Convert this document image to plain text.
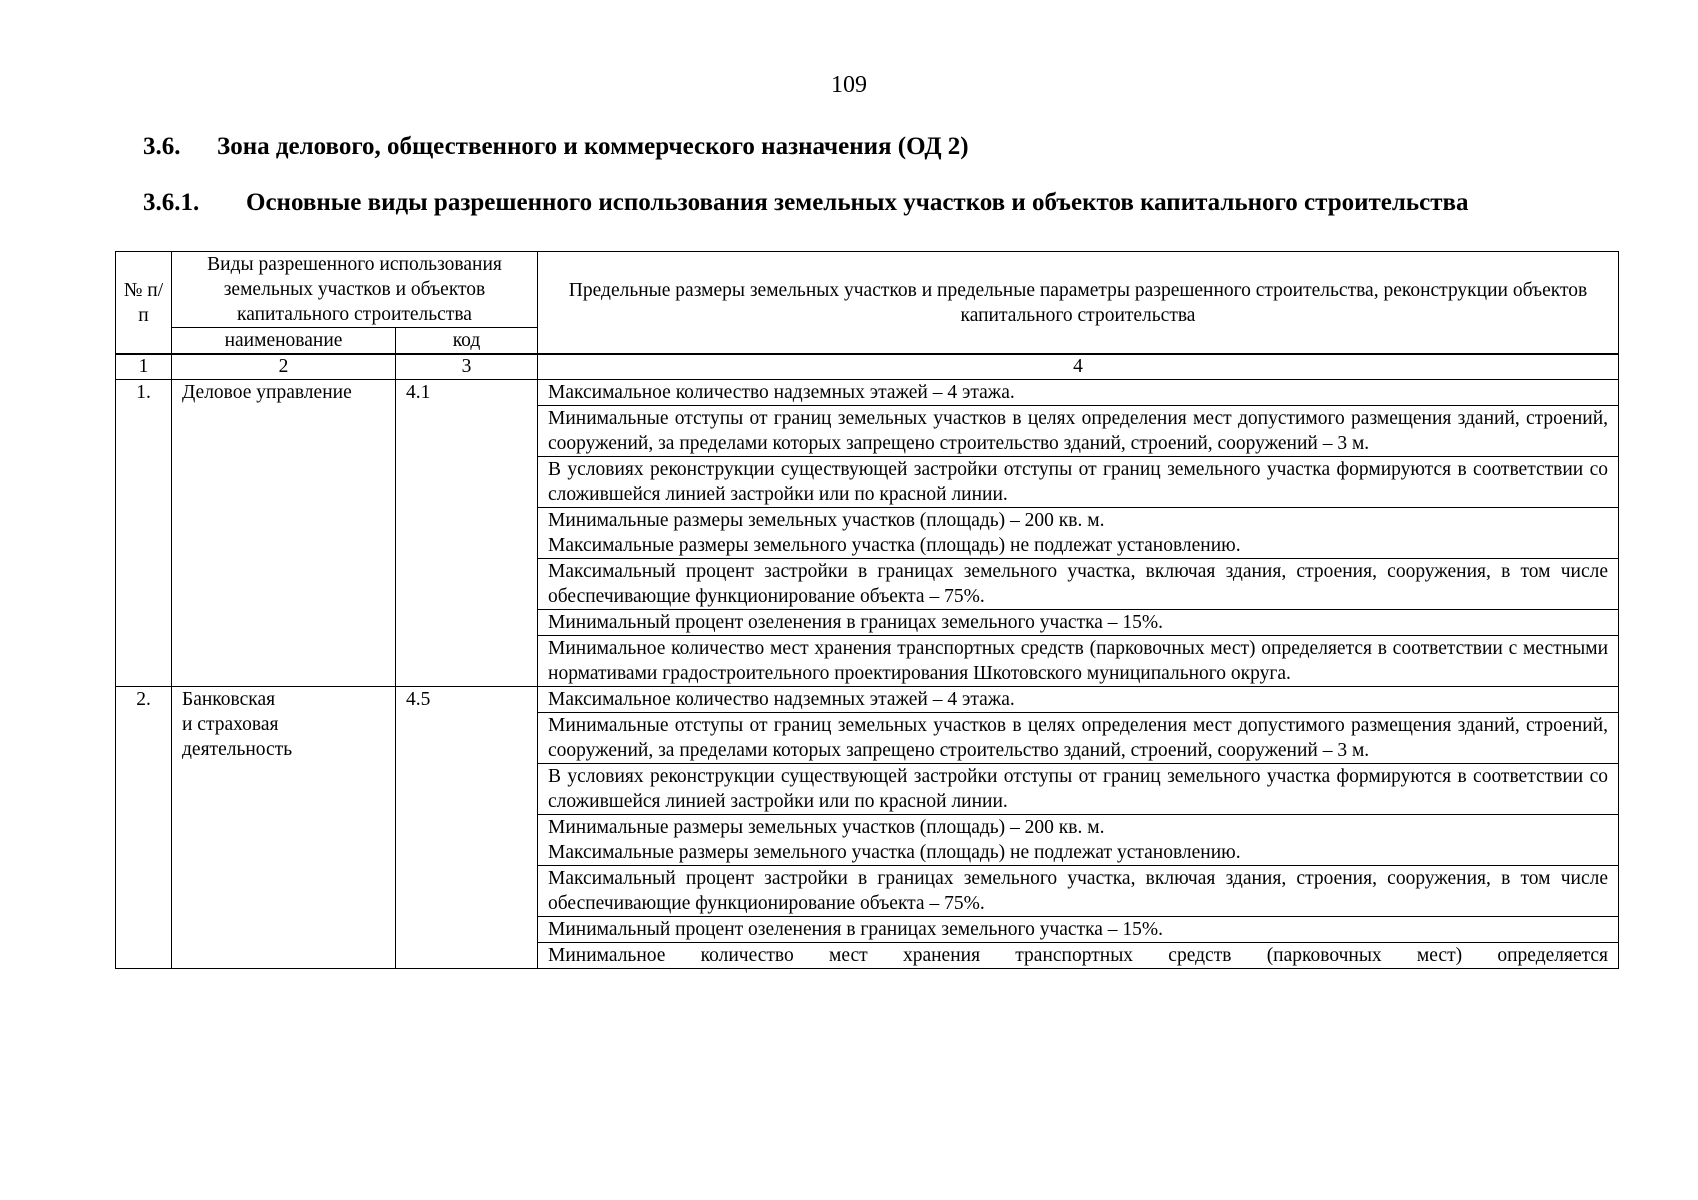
109
3.6. Зона делового, общественного и коммерческого назначения (ОД 2)
3.6.1. Основные виды разрешенного использования земельных участков и объектов капитального строительства
№ п/п	Виды разрешенного использования земельных участков и объектов капитального строительства		Предельные размеры земельных участков и предельные параметры разрешенного строительства, реконструкции объектов капитального строительства
	наименование	код	
1	2	3	4
1.	Деловое управление	4.1	Максимальное количество надземных этажей – 4 этажа.
			Минимальные отступы от границ земельных участков в целях определения мест допустимого размещения зданий, строений, сооружений, за пределами которых запрещено строительство зданий, строений, сооружений – 3 м.
			В условиях реконструкции существующей застройки отступы от границ земельного участка формируются в соответствии со сложившейся линией застройки или по красной линии.

			Минимальные размеры земельных участков (площадь) – 200 кв. м.
Максимальные размеры земельного участка (площадь) не подлежат установлению.

			Максимальный процент застройки в границах земельного участка, включая здания, строения, сооружения, в том числе обеспечивающие функционирование объекта – 75%.
			Минимальный процент озеленения в границах земельного участка – 15%.
			Минимальное количество мест хранения транспортных средств (парковочных мест) определяется в соответствии с местными нормативами градостроительного проектирования Шкотовского муниципального округа.
2.	Банковская
и страховая
деятельность	4.5	Максимальное количество надземных этажей – 4 этажа.
			Минимальные отступы от границ земельных участков в целях определения мест допустимого размещения зданий, строений, сооружений, за пределами которых запрещено строительство зданий, строений, сооружений – 3 м.
			В условиях реконструкции существующей застройки отступы от границ земельного участка формируются в соответствии со сложившейся линией застройки или по красной линии.

			Минимальные размеры земельных участков (площадь) – 200 кв. м.
Максимальные размеры земельного участка (площадь) не подлежат установлению.

			Максимальный процент застройки в границах земельного участка, включая здания, строения, сооружения, в том числе обеспечивающие функционирование объекта – 75%.
			Минимальный процент озеленения в границах земельного участка – 15%.
			Минимальное количество мест хранения транспортных средств (парковочных мест) определяется
